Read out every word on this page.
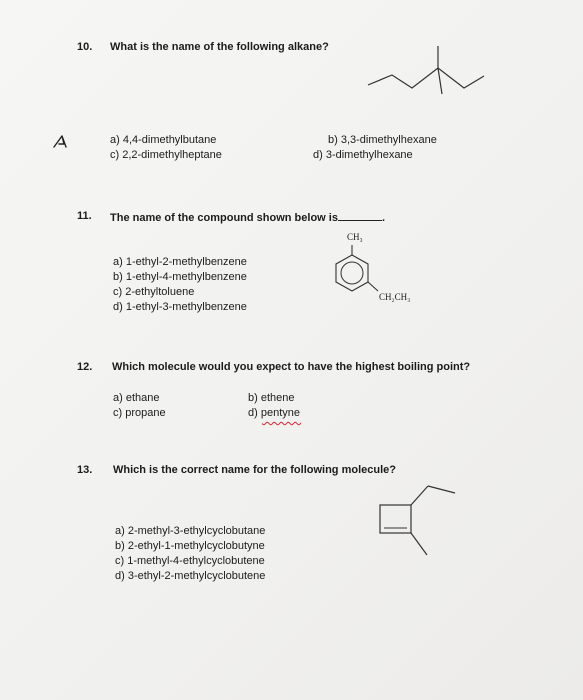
10. What is the name of the following alkane?
a) 4,4-dimethylbutane	b) 3,3-dimethylhexane
c) 2,2-dimethylheptane	d) 3-dimethylhexane
11. The name of the compound shown below is	.
CH₃
CH₂CH₃
a) 1-ethyl-2-methylbenzene
b) 1-ethyl-4-methylbenzene
c) 2-ethyltoluene
d) 1-ethyl-3-methylbenzene
12. Which molecule would you expect to have the highest boiling point?
a) ethane	b) ethene
c) propane	d) pentyne
13. Which is the correct name for the following molecule?
a) 2-methyl-3-ethylcyclobutane
b) 2-ethyl-1-methylcyclobutyne
c) 1-methyl-4-ethylcyclobutene
d) 3-ethyl-2-methylcyclobutene
